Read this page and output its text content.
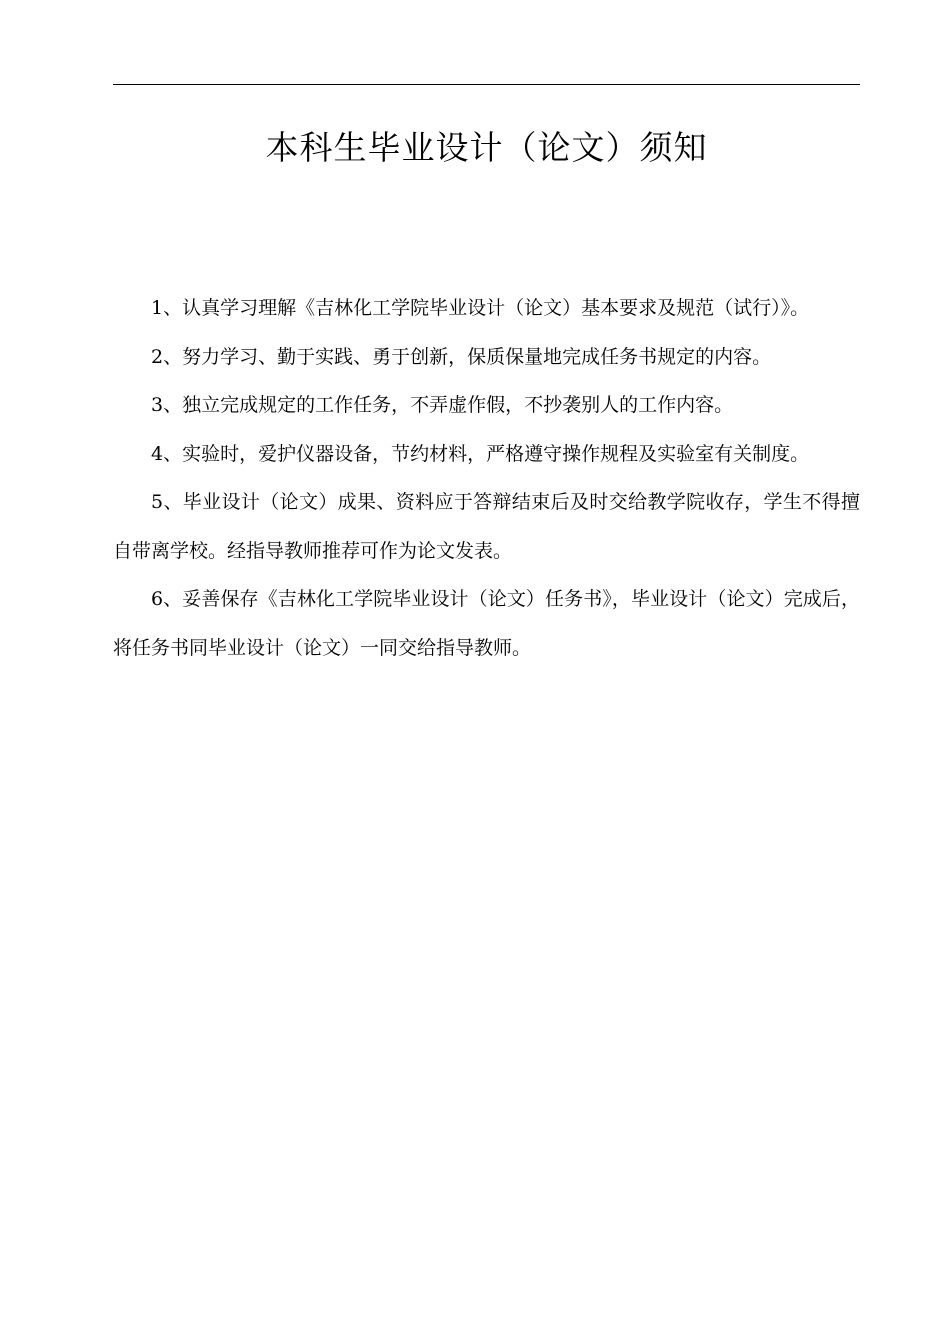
本科生毕业设计（论文）须知

1、认真学习理解《吉林化工学院毕业设计（论文）基本要求及规范（试行）》。

2、努力学习、勤于实践、勇于创新，保质保量地完成任务书规定的内容。

3、独立完成规定的工作任务，不弄虚作假，不抄袭别人的工作内容。

4、实验时，爱护仪器设备，节约材料，严格遵守操作规程及实验室有关制度。

5、毕业设计（论文）成果、资料应于答辩结束后及时交给教学院收存，学生不得擅自带离学校。经指导教师推荐可作为论文发表。

6、妥善保存《吉林化工学院毕业设计（论文）任务书》，毕业设计（论文）完成后，将任务书同毕业设计（论文）一同交给指导教师。
